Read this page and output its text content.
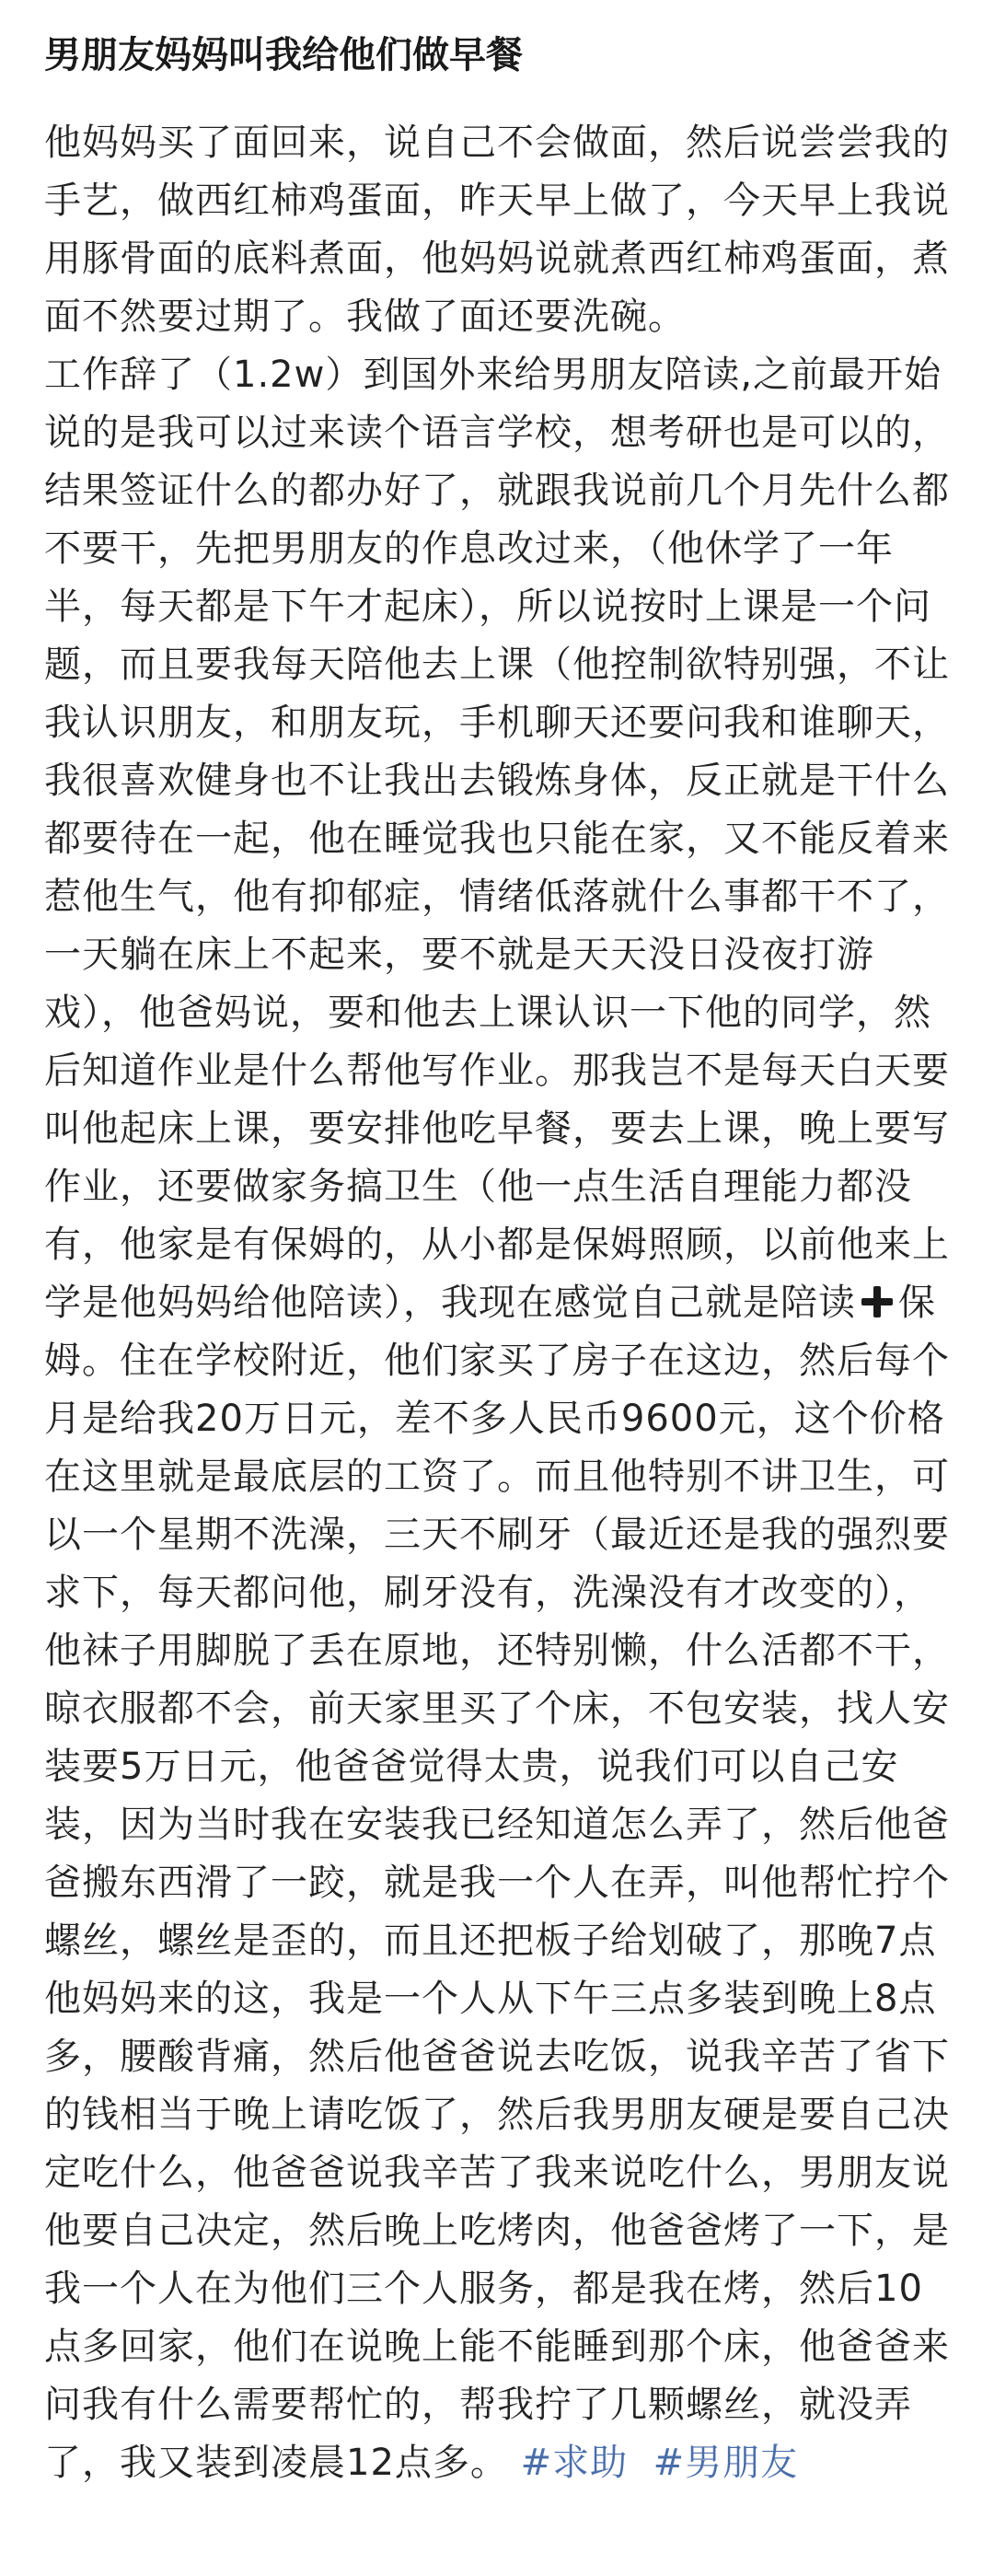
男朋友妈妈叫我给他们做早餐

他妈妈买了面回来，说自己不会做面，然后说尝尝我的手艺，做西红柿鸡蛋面，昨天早上做了，今天早上我说用豚骨面的底料煮面，他妈妈说就煮西红柿鸡蛋面，煮面不然要过期了。我做了面还要洗碗。

工作辞了（1.2w）到国外来给男朋友陪读,之前最开始说的是我可以过来读个语言学校，想考研也是可以的，结果签证什么的都办好了，就跟我说前几个月先什么都不要干，先把男朋友的作息改过来，（他休学了一年半，每天都是下午才起床），所以说按时上课是一个问题，而且要我每天陪他去上课（他控制欲特别强，不让我认识朋友，和朋友玩，手机聊天还要问我和谁聊天，我很喜欢健身也不让我出去锻炼身体，反正就是干什么都要待在一起，他在睡觉我也只能在家，又不能反着来惹他生气，他有抑郁症，情绪低落就什么事都干不了，一天躺在床上不起来，要不就是天天没日没夜打游戏），他爸妈说，要和他去上课认识一下他的同学，然后知道作业是什么帮他写作业。那我岂不是每天白天要叫他起床上课，要安排他吃早餐，要去上课，晚上要写作业，还要做家务搞卫生（他一点生活自理能力都没有，他家是有保姆的，从小都是保姆照顾，以前他来上学是他妈妈给他陪读），我现在感觉自己就是陪读 保姆。住在学校附近，他们家买了房子在这边，然后每个月是给我20万日元，差不多人民币9600元，这个价格在这里就是最底层的工资了。而且他特别不讲卫生，可以一个星期不洗澡，三天不刷牙（最近还是我的强烈要求下，每天都问他，刷牙没有，洗澡没有才改变的），他袜子用脚脱了丢在原地，还特别懒，什么活都不干，晾衣服都不会，前天家里买了个床，不包安装，找人安装要5万日元，他爸爸觉得太贵，说我们可以自己安装，因为当时我在安装我已经知道怎么弄了，然后他爸爸搬东西滑了一跤，就是我一个人在弄，叫他帮忙拧个螺丝，螺丝是歪的，而且还把板子给划破了，那晚7点他妈妈来的这，我是一个人从下午三点多装到晚上8点多，腰酸背痛，然后他爸爸说去吃饭，说我辛苦了省下的钱相当于晚上请吃饭了，然后我男朋友硬是要自己决定吃什么，他爸爸说我辛苦了我来说吃什么，男朋友说他要自己决定，然后晚上吃烤肉，他爸爸烤了一下，是我一个人在为他们三个人服务，都是我在烤，然后10点多回家，他们在说晚上能不能睡到那个床，他爸爸来问我有什么需要帮忙的，帮我拧了几颗螺丝，就没弄了，我又装到凌晨12点多。 #求助 #男朋友
